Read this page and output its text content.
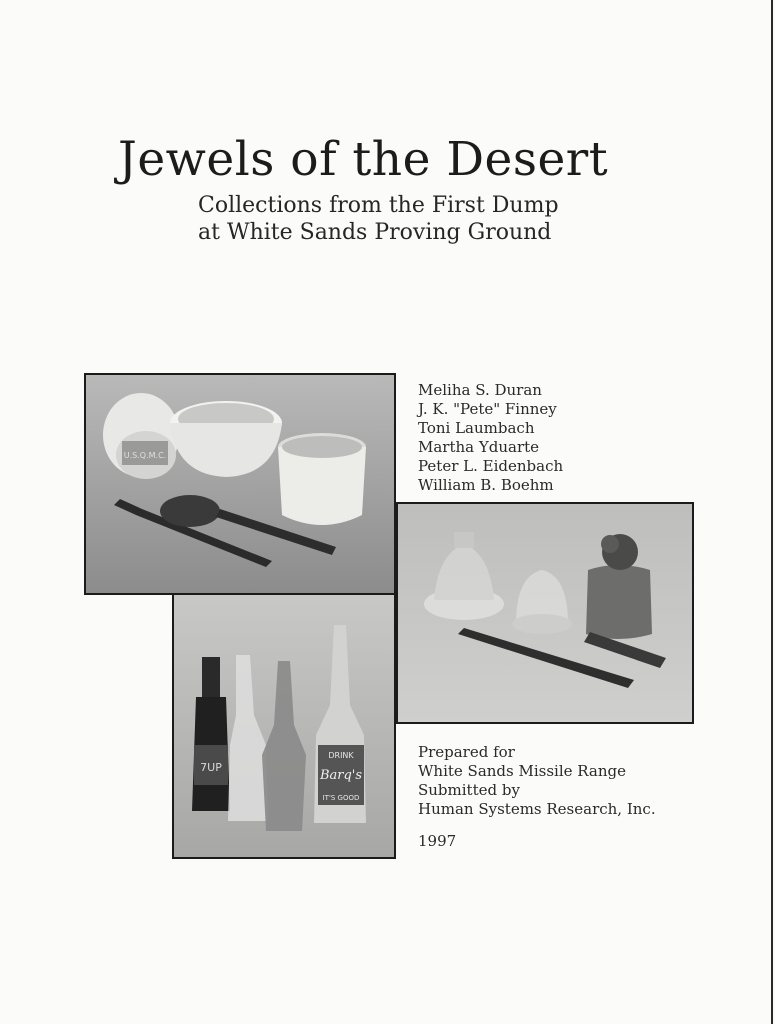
Jewels of the Desert
Collections from the First Dump
at White Sands Proving Ground
U.S.Q.M.C.
7UP
DRINK
Barq's
IT'S GOOD
Meliha S. Duran
J. K. "Pete" Finney
Toni Laumbach
Martha Yduarte
Peter L. Eidenbach
William B. Boehm
Prepared for
White Sands Missile Range
Submitted by
Human Systems Research, Inc.
1997
